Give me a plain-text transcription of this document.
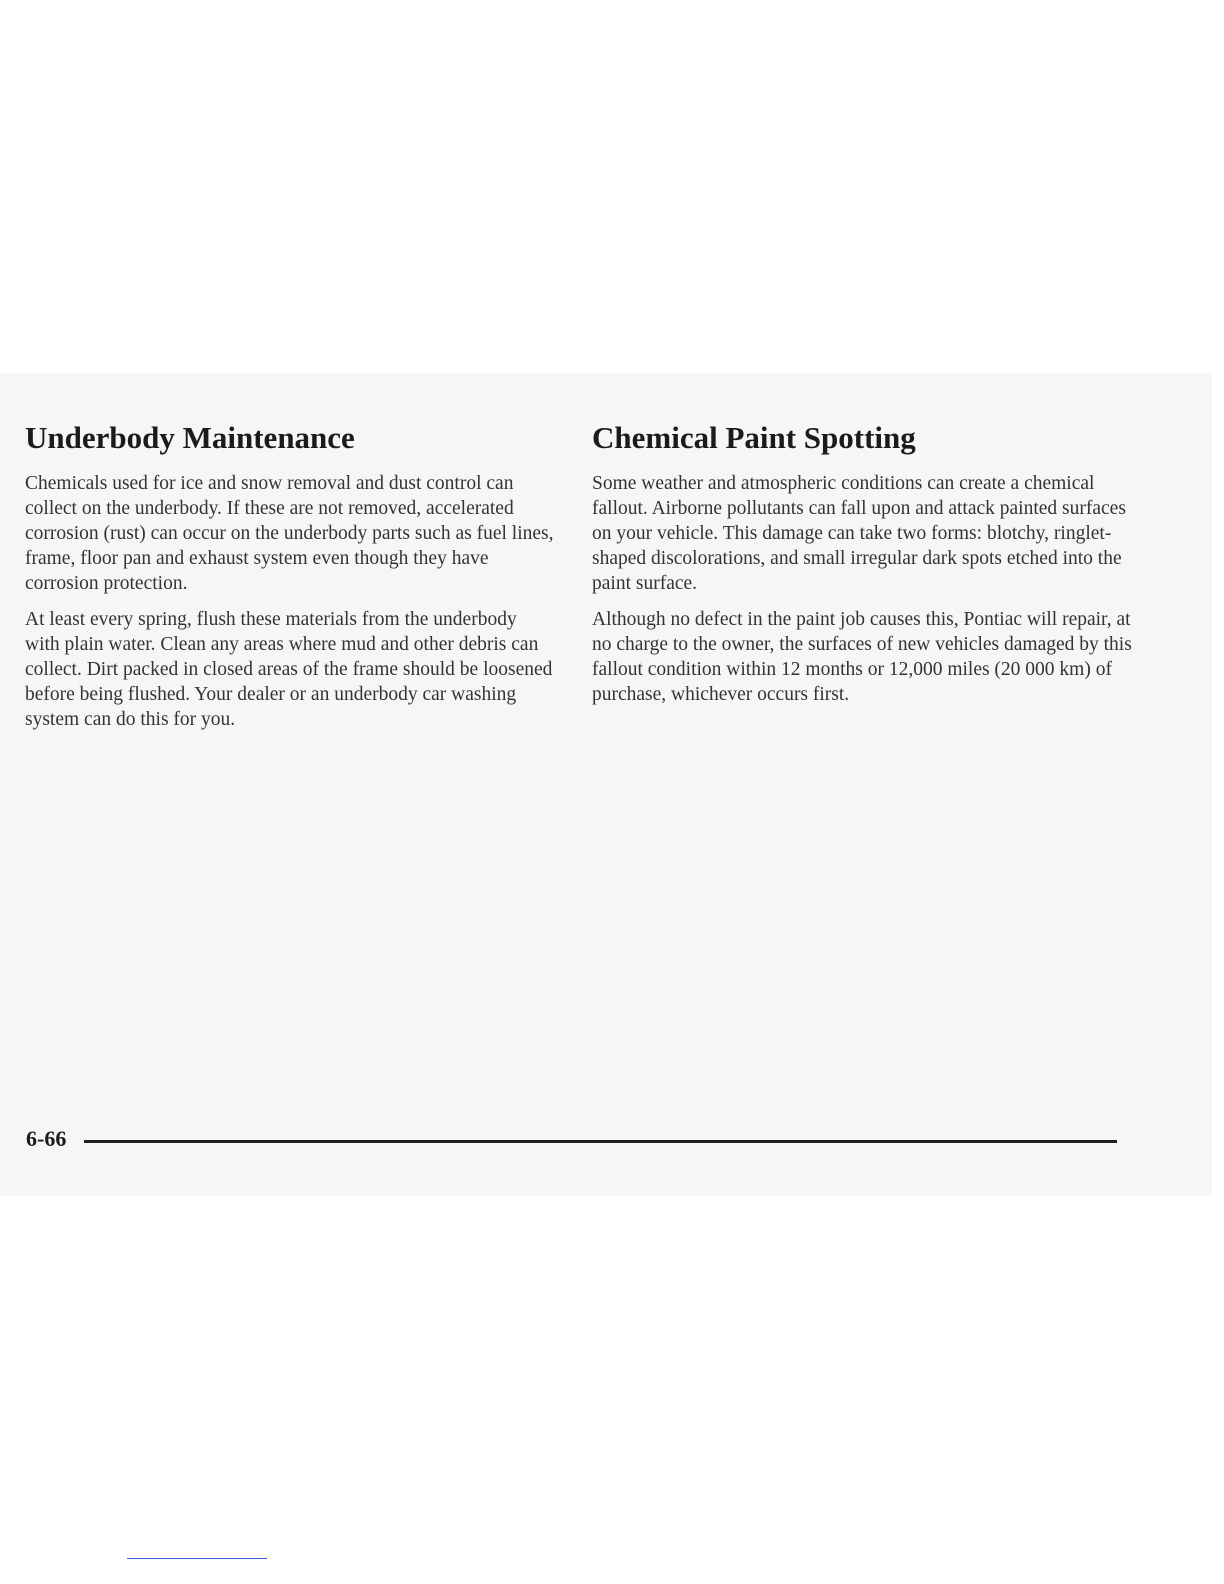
Underbody Maintenance

Chemicals used for ice and snow removal and dust control can collect on the underbody. If these are not removed, accelerated corrosion (rust) can occur on the underbody parts such as fuel lines, frame, floor pan and exhaust system even though they have corrosion protection.

At least every spring, flush these materials from the underbody with plain water. Clean any areas where mud and other debris can collect. Dirt packed in closed areas of the frame should be loosened before being flushed. Your dealer or an underbody car washing system can do this for you.

Chemical Paint Spotting

Some weather and atmospheric conditions can create a chemical fallout. Airborne pollutants can fall upon and attack painted surfaces on your vehicle. This damage can take two forms: blotchy, ringlet-shaped discolorations, and small irregular dark spots etched into the paint surface.

Although no defect in the paint job causes this, Pontiac will repair, at no charge to the owner, the surfaces of new vehicles damaged by this fallout condition within 12 months or 12,000 miles (20 000 km) of purchase, whichever occurs first.

6-66
